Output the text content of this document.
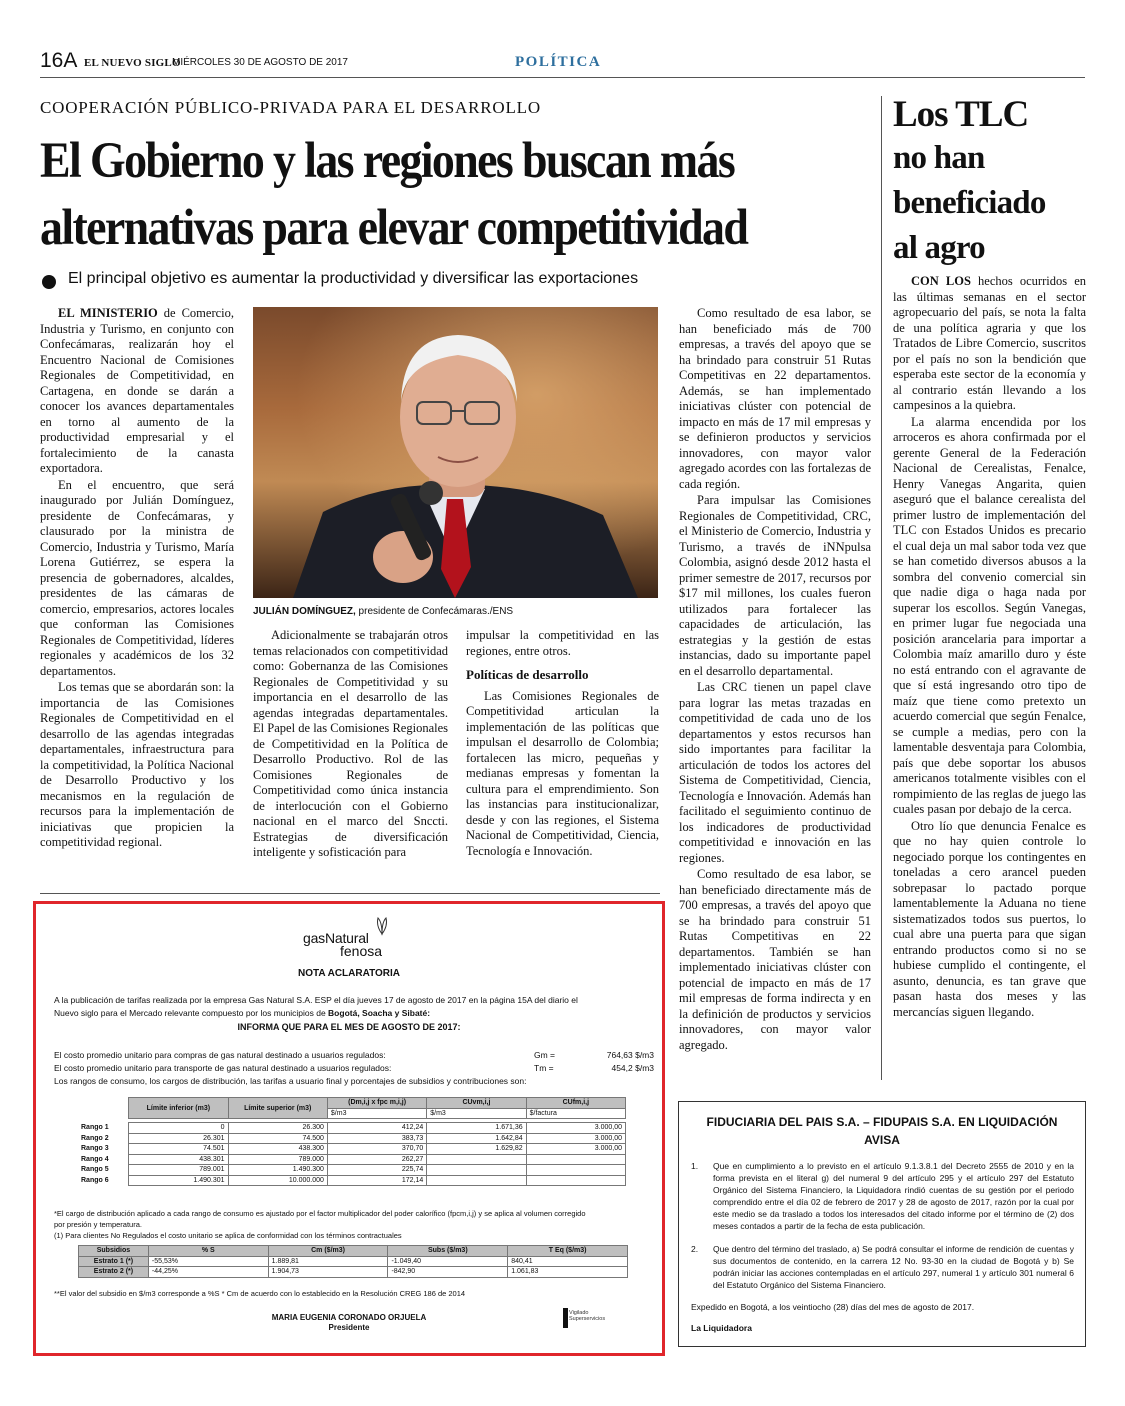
16A EL NUEVO SIGLO
MIÉRCOLES 30 DE AGOSTO DE 2017	POLÍTICA
COOPERACIÓN PÚBLICO-PRIVADA PARA EL DESARROLLO
El Gobierno y las regiones buscan más
alternativas para elevar competitividad
El principal objetivo es aumentar la productividad y diversificar las exportaciones

EL MINISTERIO de Comercio, Industria y Turismo, en conjunto con Confecámaras, realizarán hoy el Encuentro Nacional de Comisiones Regionales de Competitividad, en Cartagena, en donde se darán a conocer los avances departamentales en torno al aumento de la productividad empresarial y el fortalecimiento de la canasta exportadora.

En el encuentro, que será inaugurado por Julián Domínguez, presidente de Confecámaras, y clausurado por la ministra de Comercio, Industria y Turismo, María Lorena Gutiérrez, se espera la presencia de gobernadores, alcaldes, presidentes de las cámaras de comercio, empresarios, actores locales que conforman las Comisiones Regionales de Competitividad, líderes regionales y académicos de los 32 departamentos.

Los temas que se abordarán son: la importancia de las Comisiones Regionales de Competitividad en el desarrollo de las agendas integradas departamentales, infraestructura para la competitividad, la Política Nacional de Desarrollo Productivo y los mecanismos en la regulación de recursos para la implementación de iniciativas que propicien la competitividad regional.

JULIÁN DOMÍNGUEZ, presidente de Confecámaras./ENS

Adicionalmente se trabajarán otros temas relacionados con competitividad como: Gobernanza de las Comisiones Regionales de Competitividad y su importancia en el desarrollo de las agendas integradas departamentales. El Papel de las Comisiones Regionales de Competitividad en la Política de Desarrollo Productivo. Rol de las Comisiones Regionales de Competitividad como única instancia de interlocución con el Gobierno nacional en el marco del Snccti. Estrategias de diversificación inteligente y sofisticación para

impulsar la competitividad en las regiones, entre otros.

Políticas de desarrollo

Las Comisiones Regionales de Competitividad articulan la implementación de las políticas que impulsan el desarrollo de Colombia; fortalecen las micro, pequeñas y medianas empresas y fomentan la cultura para el emprendimiento. Son las instancias para institucionalizar, desde y con las regiones, el Sistema Nacional de Competitividad, Ciencia, Tecnología e Innovación.

Como resultado de esa labor, se han beneficiado más de 700 empresas, a través del apoyo que se ha brindado para construir 51 Rutas Competitivas en 22 departamentos. Además, se han implementado iniciativas clúster con potencial de impacto en más de 17 mil empresas y se definieron productos y servicios innovadores, con mayor valor agregado acordes con las fortalezas de cada región.

Para impulsar las Comisiones Regionales de Competitividad, CRC, el Ministerio de Comercio, Industria y Turismo, a través de iNNpulsa Colombia, asignó desde 2012 hasta el primer semestre de 2017, recursos por $17 mil millones, los cuales fueron utilizados para fortalecer las capacidades de articulación, las estrategias y la gestión de estas instancias, dado su importante papel en el desarrollo departamental.

Las CRC tienen un papel clave para lograr las metas trazadas en competitividad de cada uno de los departamentos y estos recursos han sido importantes para facilitar la articulación de todos los actores del Sistema de Competitividad, Ciencia, Tecnología e Innovación. Además han facilitado el seguimiento continuo de los indicadores de productividad competitividad e innovación en las regiones.

Como resultado de esa labor, se han beneficiado directamente más de 700 empresas, a través del apoyo que se ha brindado para construir 51 Rutas Competitivas en 22 departamentos. También se han implementado iniciativas clúster con potencial de impacto en más de 17 mil empresas de forma indirecta y en la definición de productos y servicios innovadores, con mayor valor agregado.

Los TLC
no han
beneficiado
al agro

CON LOS hechos ocurridos en las últimas semanas en el sector agropecuario del país, se nota la falta de una política agraria y que los Tratados de Libre Comercio, suscritos por el país no son la bendición que esperaba este sector de la economía y al contrario están llevando a los campesinos a la quiebra.

La alarma encendida por los arroceros es ahora confirmada por el gerente General de la Federación Nacional de Cerealistas, Fenalce, Henry Vanegas Angarita, quien aseguró que el balance cerealista del primer lustro de implementación del TLC con Estados Unidos es precario el cual deja un mal sabor toda vez que se han cometido diversos abusos a la sombra del convenio comercial sin que nadie diga o haga nada por superar los escollos. Según Vanegas, en primer lugar fue negociada una posición arancelaria para importar a Colombia maíz amarillo duro y éste no está entrando con el agravante de que sí está ingresando otro tipo de maíz que tiene como pretexto un acuerdo comercial que según Fenalce, se cumple a medias, pero con la lamentable desventaja para Colombia, país que debe soportar los abusos americanos totalmente visibles con el rompimiento de las reglas de juego las cuales pasan por debajo de la cerca.

Otro lío que denuncia Fenalce es que no hay quien controle lo negociado porque los contingentes en toneladas a cero arancel pueden sobrepasar lo pactado porque lamentablemente la Aduana no tiene sistematizados todos sus puertos, lo cual abre una puerta para que sigan entrando productos como si no se hubiese cumplido el contingente, el asunto, denuncia, es tan grave que pasan hasta dos meses y las mercancías siguen llegando.

gasNatural
fenosa
NOTA ACLARATORIA
A la publicación de tarifas realizada por la empresa Gas Natural S.A. ESP el día jueves 17 de agosto de 2017 en la página 15A del diario el
Nuevo siglo para el Mercado relevante compuesto por los municipios de Bogotá, Soacha y Sibaté:
INFORMA QUE PARA EL MES DE AGOSTO DE 2017:
El costo promedio unitario para compras de gas natural destinado a usuarios regulados:	Gm =	764,63 $/m3
El costo promedio unitario para transporte de gas natural destinado a usuarios regulados:	Tm =	454,2 $/m3
Los rangos de consumo, los cargos de distribución, las tarifas a usuario final y porcentajes de subsidios y contribuciones son:
	Límite inferior (m3)	Límite superior (m3)	(Dm,i,j x fpc m,i,j)	CUvm,i,j	CUfm,i,j
			$/m3	$/m3	$/factura

Rango 1	0	26.300	412,24	1.671,36	3.000,00
Rango 2	26.301	74.500	383,73	1.642,84	3.000,00
Rango 3	74.501	438.300	370,70	1.629,82	3.000,00
Rango 4	438.301	789.000	262,27		
Rango 5	789.001	1.490.300	225,74		
Rango 6	1.490.301	10.000.000	172,14		
*El cargo de distribución aplicado a cada rango de consumo es ajustado por el factor multiplicador del poder calorífico (fpcm,i,j) y se aplica al volumen corregido
por presión y temperatura.
(1) Para clientes No Regulados el costo unitario se aplica de conformidad con los términos contractuales
Subsidios	% S	Cm ($/m3)	Subs ($/m3)	T Eq ($/m3)
Estrato 1 (*)	-55,53%	1.889,81	-1.049,40	840,41
Estrato 2 (*)	-44,25%	1.904,73	-842,90	1.061,83
**El valor del subsidio en $/m3 corresponde a %S * Cm de acuerdo con lo establecido en la Resolución CREG 186 de 2014
MARIA EUGENIA CORONADO ORJUELA
Presidente
Vigilado
Superservicios
FIDUCIARIA DEL PAIS S.A. – FIDUPAIS S.A. EN LIQUIDACIÓN
AVISA
1. Que en cumplimiento a lo previsto en el artículo 9.1.3.8.1 del Decreto 2555 de 2010 y en la forma prevista en el literal g) del numeral 9 del artículo 295 y el artículo 297 del Estatuto Orgánico del Sistema Financiero, la Liquidadora rindió cuentas de su gestión por el periodo comprendido entre el día 02 de febrero de 2017 y 28 de agosto de 2017, razón por la cual por este medio se da traslado a todos los interesados del citado informe por el término de (2) dos meses contados a partir de la fecha de esta publicación.
2. Que dentro del término del traslado, a) Se podrá consultar el informe de rendición de cuentas y sus documentos de contenido, en la carrera 12 No. 93-30 en la ciudad de Bogotá y b) Se podrán iniciar las acciones contempladas en el artículo 297, numeral 1 y artículo 301 numeral 6 del Estatuto Orgánico del Sistema Financiero.
Expedido en Bogotá, a los veintiocho (28) días del mes de agosto de 2017.
La Liquidadora
